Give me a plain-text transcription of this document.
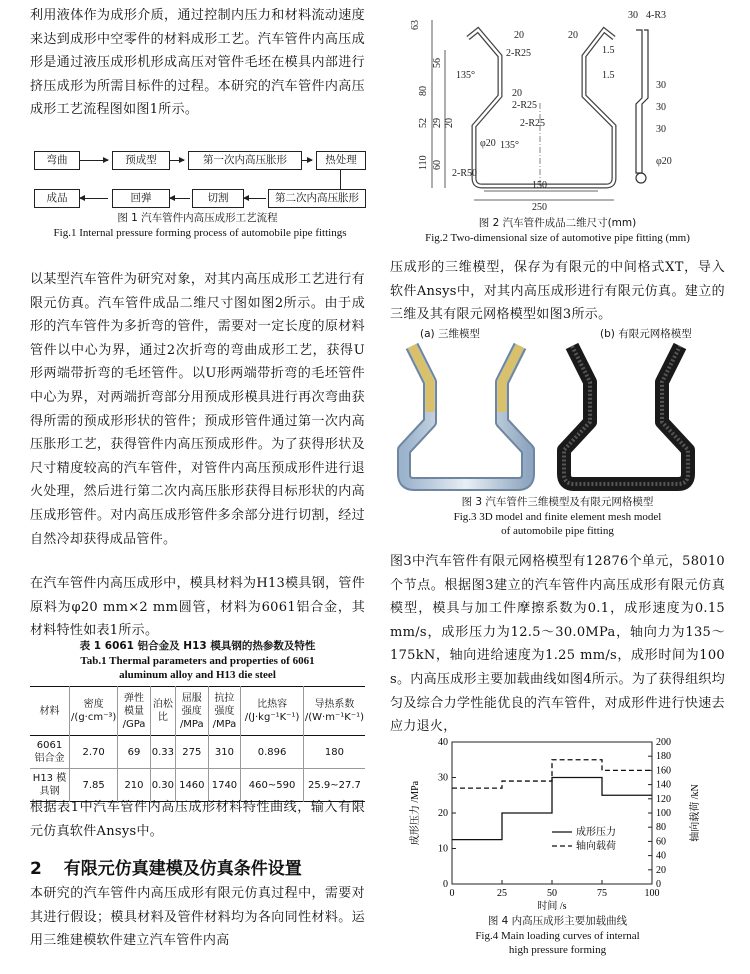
利用液体作为成形介质，通过控制内压力和材料流动速度来达到成形中空零件的材料成形工艺。汽车管件内高压成形是通过液压成形机形成高压对管件毛坯在模具内部进行挤压成形为所需目标件的过程。本研究的汽车管件内高压成形工艺流程图如图1所示。

弯曲	预成型	第一次内高压胀形	热处理
成品	回弹	切割	第二次内高压胀形
图 1 汽车管件内高压成形工艺流程
Fig.1 Internal pressure forming process of automobile pipe fittings

以某型汽车管件为研究对象，对其内高压成形工艺进行有限元仿真。汽车管件成品二维尺寸图如图2所示。由于成形的汽车管件为多折弯的管件，需要对一定长度的原材料管件以中心为界，通过2次折弯的弯曲成形工艺，获得U形两端带折弯的毛坯管件。以U形两端带折弯的毛坯管件中心为界，对两端折弯部分用预成形模具进行再次弯曲获得所需的预成形形状的管件；预成形管件通过第一次内高压胀形工艺，获得管件内高压预成形件。为了获得形状及尺寸精度较高的汽车管件，对管件内高压预成形件进行退火处理，然后进行第二次内高压胀形获得目标形状的内高压成形管件。对内高压成形管件多余部分进行切割，经过自然冷却获得成品管件。

在汽车管件内高压成形中，模具材料为H13模具钢，管件原料为φ20 mm×2 mm圆管，材料为6061铝合金，其材料特性如表1所示。

表 1 6061 铝合金及 H13 模具钢的热参数及特性
Tab.1 Thermal parameters and properties of 6061
aluminum alloy and H13 die steel
材料	密度 /(g·cm⁻³)	弹性模量 /GPa	泊松比	屈服强度 /MPa	抗拉强度 /MPa	比热容 /(J·kg⁻¹K⁻¹)	导热系数 /(W·m⁻¹K⁻¹)
6061 铝合金	2.70	69	0.33	275	310	0.896	180
H13 模具钢	7.85	210	0.30	1460	1740	460~590	25.9~27.7

根据表1中汽车管件内高压成形材料特性曲线，输入有限元仿真软件Ansys中。

2 有限元仿真建模及仿真条件设置

本研究的汽车管件内高压成形有限元仿真过程中，需要对其进行假设；模具材料及管件材料均为各向同性材料。运用三维建模软件建立汽车管件内高

63
56
80
52 29 20
110 60
20
2-R25
135°
20
2-R25
2-R25
φ20 135°
2-R50
150
250
20
1.5
1.5
30
30
30
φ20
30 4-R3
图 2 汽车管件成品二维尺寸(mm)
Fig.2 Two-dimensional size of automotive pipe fitting (mm)

压成形的三维模型，保存为有限元的中间格式XT，导入软件Ansys中，对其内高压成形进行有限元仿真。建立的三维及其有限元网格模型如图3所示。

(a) 三维模型	(b) 有限元网格模型
图 3 汽车管件三维模型及有限元网格模型
Fig.3 3D model and finite element mesh model
of automobile pipe fitting

图3中汽车管件有限元网格模型有12876个单元，58010个节点。根据图3建立的汽车管件内高压成形有限元仿真模型，模具与加工件摩擦系数为0.1，成形速度为0.15 mm/s，成形压力为12.5～30.0MPa，轴向力为135～175kN，轴向进给速度为1.25 mm/s，成形时间为100 s。内高压成形主要加载曲线如图4所示。为了获得组织均匀及综合力学性能优良的汽车管件，对成形件进行快速去应力退火，

0	25	50	75	100
0
10
20
30
40
0
20
40
60
80
100
120
140
160
180
200
时间 /s
成形压力 /MPa	轴向载荷 /kN
成形压力
轴向载荷
图 4 内高压成形主要加载曲线
Fig.4 Main loading curves of internal
high pressure forming
